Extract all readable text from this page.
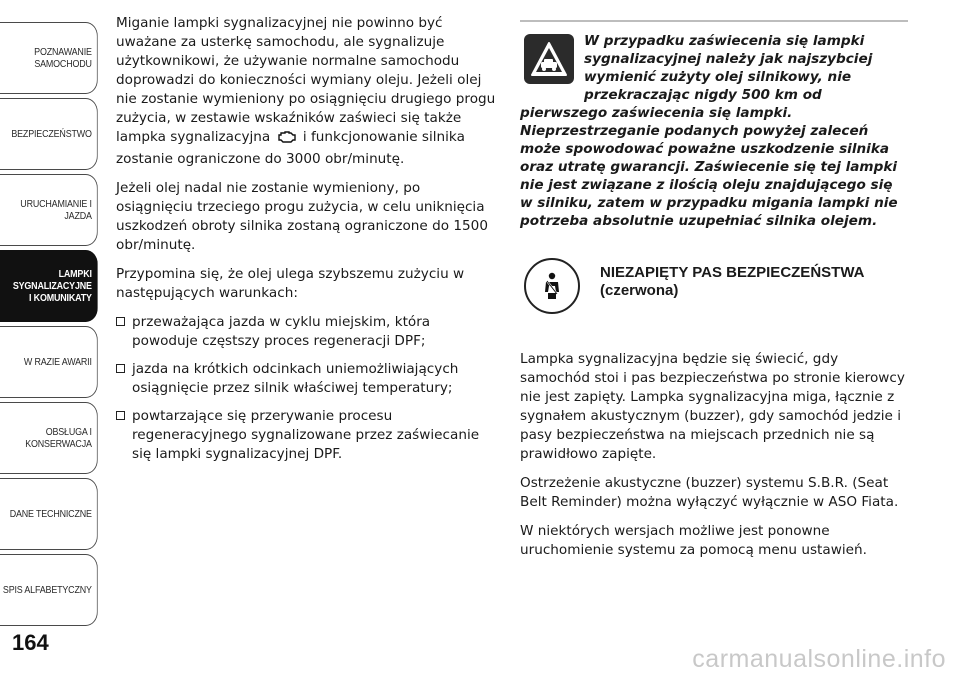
POZNAWANIE
SAMOCHODU
BEZPIECZEŃSTWO
URUCHAMIANIE I
JAZDA
LAMPKI
SYGNALIZACYJNE
I KOMUNIKATY
W RAZIE AWARII
OBSŁUGA I
KONSERWACJA
DANE TECHNICZNE
SPIS ALFABETYCZNY
164

Miganie lampki sygnalizacyjnej nie powinno być uważane za usterkę samochodu, ale sygnalizuje użytkownikowi, że używanie normalne samochodu doprowadzi do konieczności wymiany oleju. Jeżeli olej nie zostanie wymieniony po osiągnięciu drugiego progu zużycia, w zestawie wskaźników zaświeci się także lampka sygnalizacyjna i funkcjonowanie silnika zostanie ograniczone do 3000 obr/minutę.

Jeżeli olej nadal nie zostanie wymieniony, po osiągnięciu trzeciego progu zużycia, w celu uniknięcia uszkodzeń obroty silnika zostaną ograniczone do 1500 obr/minutę.

Przypomina się, że olej ulega szybszemu zużyciu w następujących warunkach:

przeważająca jazda w cyklu miejskim, która powoduje częstszy proces regeneracji DPF;
jazda na krótkich odcinkach uniemożliwiających osiągnięcie przez silnik właściwej temperatury;
powtarzające się przerywanie procesu regeneracyjnego sygnalizowane przez zaświecanie się lampki sygnalizacyjnej DPF.
W przypadku zaświecenia się lampki sygnalizacyjnej należy jak najszybciej wymienić zużyty olej silnikowy, nie przekraczając nigdy 500 km od pierwszego zaświecenia się lampki. Nieprzestrzeganie podanych powyżej zaleceń może spowodować poważne uszkodzenie silnika oraz utratę gwarancji. Zaświecenie się tej lampki nie jest związane z ilością oleju znajdującego się w silniku, zatem w przypadku migania lampki nie potrzeba absolutnie uzupełniać silnika olejem.
NIEZAPIĘTY PAS BEZPIECZEŃSTWA (czerwona)

Lampka sygnalizacyjna będzie się świecić, gdy samochód stoi i pas bezpieczeństwa po stronie kierowcy nie jest zapięty. Lampka sygnalizacyjna miga, łącznie z sygnałem akustycznym (buzzer), gdy samochód jedzie i pasy bezpieczeństwa na miejscach przednich nie są prawidłowo zapięte.

Ostrzeżenie akustyczne (buzzer) systemu S.B.R. (Seat Belt Reminder) można wyłączyć wyłącznie w ASO Fiata.

W niektórych wersjach możliwe jest ponowne uruchomienie systemu za pomocą menu ustawień.

carmanualsonline.info
